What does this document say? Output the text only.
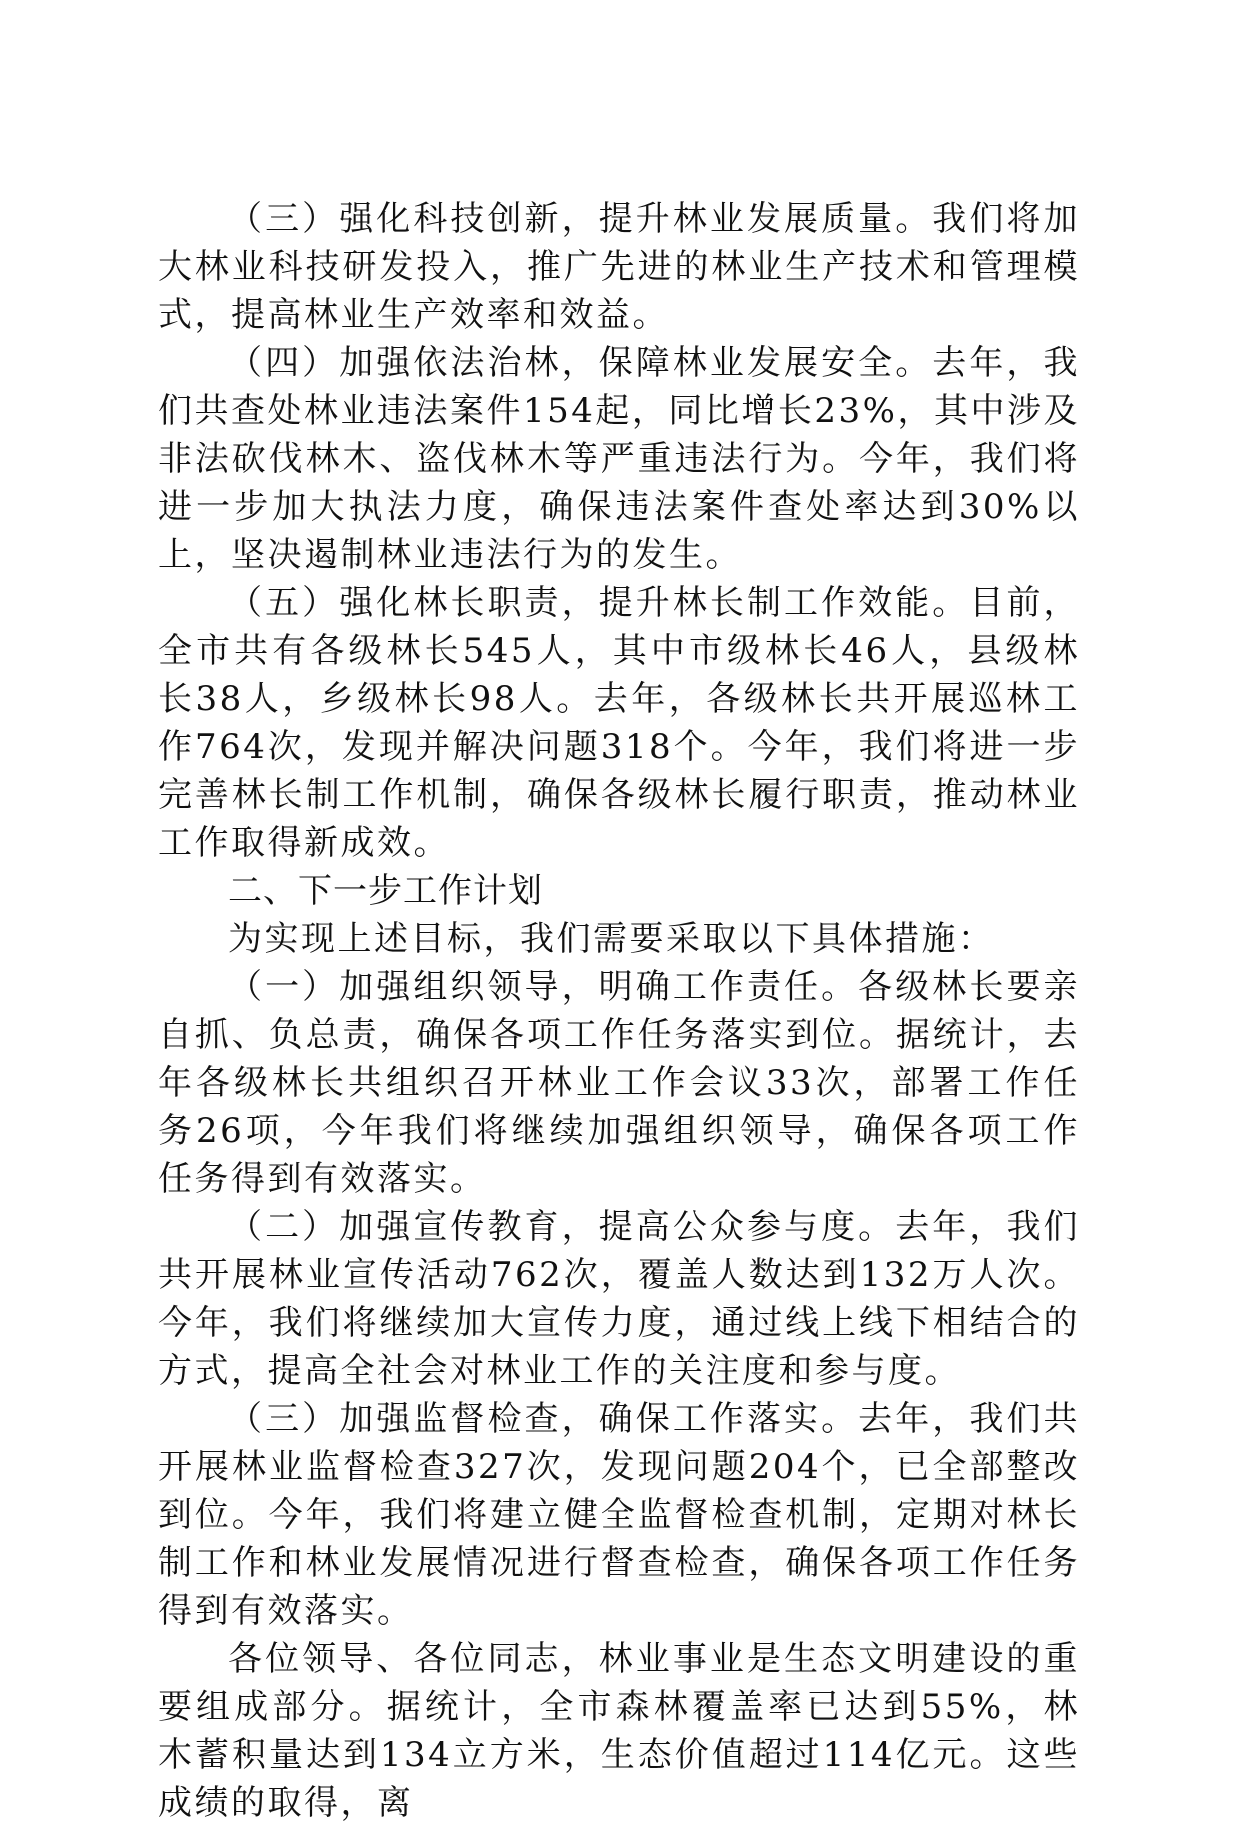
（三）强化科技创新，提升林业发展质量。我们将加大林业科技研发投入，推广先进的林业生产技术和管理模式，提高林业生产效率和效益。

（四）加强依法治林，保障林业发展安全。去年，我们共查处林业违法案件154起，同比增长23%，其中涉及非法砍伐林木、盗伐林木等严重违法行为。今年，我们将进一步加大执法力度，确保违法案件查处率达到30%以上，坚决遏制林业违法行为的发生。

（五）强化林长职责，提升林长制工作效能。目前，全市共有各级林长545人，其中市级林长46人，县级林长38人，乡级林长98人。去年，各级林长共开展巡林工作764次，发现并解决问题318个。今年，我们将进一步完善林长制工作机制，确保各级林长履行职责，推动林业工作取得新成效。

二、下一步工作计划

为实现上述目标，我们需要采取以下具体措施：

（一）加强组织领导，明确工作责任。各级林长要亲自抓、负总责，确保各项工作任务落实到位。据统计，去年各级林长共组织召开林业工作会议33次，部署工作任务26项，今年我们将继续加强组织领导，确保各项工作任务得到有效落实。

（二）加强宣传教育，提高公众参与度。去年，我们共开展林业宣传活动762次，覆盖人数达到132万人次。今年，我们将继续加大宣传力度，通过线上线下相结合的方式，提高全社会对林业工作的关注度和参与度。

（三）加强监督检查，确保工作落实。去年，我们共开展林业监督检查327次，发现问题204个，已全部整改到位。今年，我们将建立健全监督检查机制，定期对林长制工作和林业发展情况进行督查检查，确保各项工作任务得到有效落实。

各位领导、各位同志，林业事业是生态文明建设的重要组成部分。据统计，全市森林覆盖率已达到55%，林木蓄积量达到134立方米，生态价值超过114亿元。这些成绩的取得，离
